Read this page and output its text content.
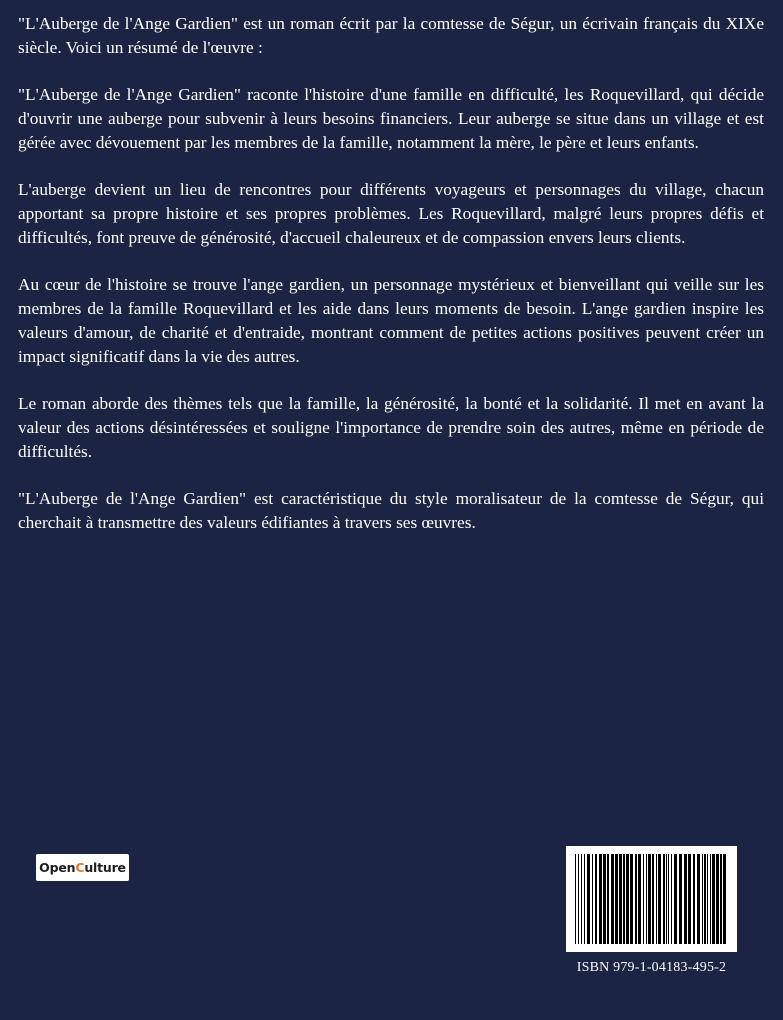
"L'Auberge de l'Ange Gardien" est un roman écrit par la comtesse de Ségur, un écrivain français du XIXe siècle. Voici un résumé de l'œuvre :

"L'Auberge de l'Ange Gardien" raconte l'histoire d'une famille en difficulté, les Roquevillard, qui décide d'ouvrir une auberge pour subvenir à leurs besoins financiers. Leur auberge se situe dans un village et est gérée avec dévouement par les membres de la famille, notamment la mère, le père et leurs enfants.

L'auberge devient un lieu de rencontres pour différents voyageurs et personnages du village, chacun apportant sa propre histoire et ses propres problèmes. Les Roquevillard, malgré leurs propres défis et difficultés, font preuve de générosité, d'accueil chaleureux et de compassion envers leurs clients.

Au cœur de l'histoire se trouve l'ange gardien, un personnage mystérieux et bienveillant qui veille sur les membres de la famille Roquevillard et les aide dans leurs moments de besoin. L'ange gardien inspire les valeurs d'amour, de charité et d'entraide, montrant comment de petites actions positives peuvent créer un impact significatif dans la vie des autres.

Le roman aborde des thèmes tels que la famille, la générosité, la bonté et la solidarité. Il met en avant la valeur des actions désintéressées et souligne l'importance de prendre soin des autres, même en période de difficultés.

"L'Auberge de l'Ange Gardien" est caractéristique du style moralisateur de la comtesse de Ségur, qui cherchait à transmettre des valeurs édifiantes à travers ses œuvres.

Open C ulture
ISBN 979-1-04183-495-2
